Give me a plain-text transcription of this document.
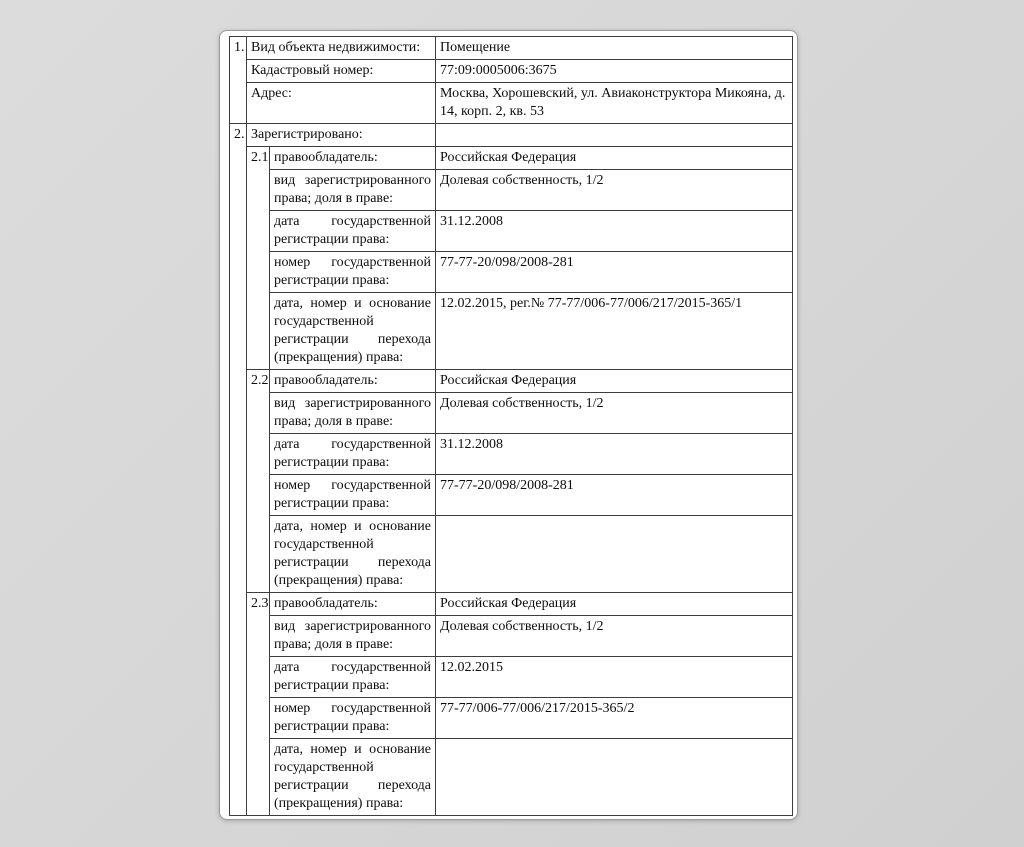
1.	Вид объекта недвижимости:		Помещение
	Кадастровый номер:		77:09:0005006:3675
	Адрес:		Москва, Хорошевский, ул. Авиаконструктора Микояна, д. 14, корп. 2, кв. 53
2.	Зарегистрировано:		
	2.1	правообладатель:	Российская Федерация
		вид зарегистрированного права; доля в праве:	Долевая собственность, 1/2
		дата государственной регистрации права:	31.12.2008
		номер государственной регистрации права:	77-77-20/098/2008-281
		дата, номер и основание государственной регистрации перехода (прекращения) права:	12.02.2015, рег.№ 77-77/006-77/006/217/2015-365/1
	2.2	правообладатель:	Российская Федерация
		вид зарегистрированного права; доля в праве:	Долевая собственность, 1/2
		дата государственной регистрации права:	31.12.2008
		номер государственной регистрации права:	77-77-20/098/2008-281
		дата, номер и основание государственной регистрации перехода (прекращения) права:	
	2.3	правообладатель:	Российская Федерация
		вид зарегистрированного права; доля в праве:	Долевая собственность, 1/2
		дата государственной регистрации права:	12.02.2015
		номер государственной регистрации права:	77-77/006-77/006/217/2015-365/2
		дата, номер и основание государственной регистрации перехода (прекращения) права:	
